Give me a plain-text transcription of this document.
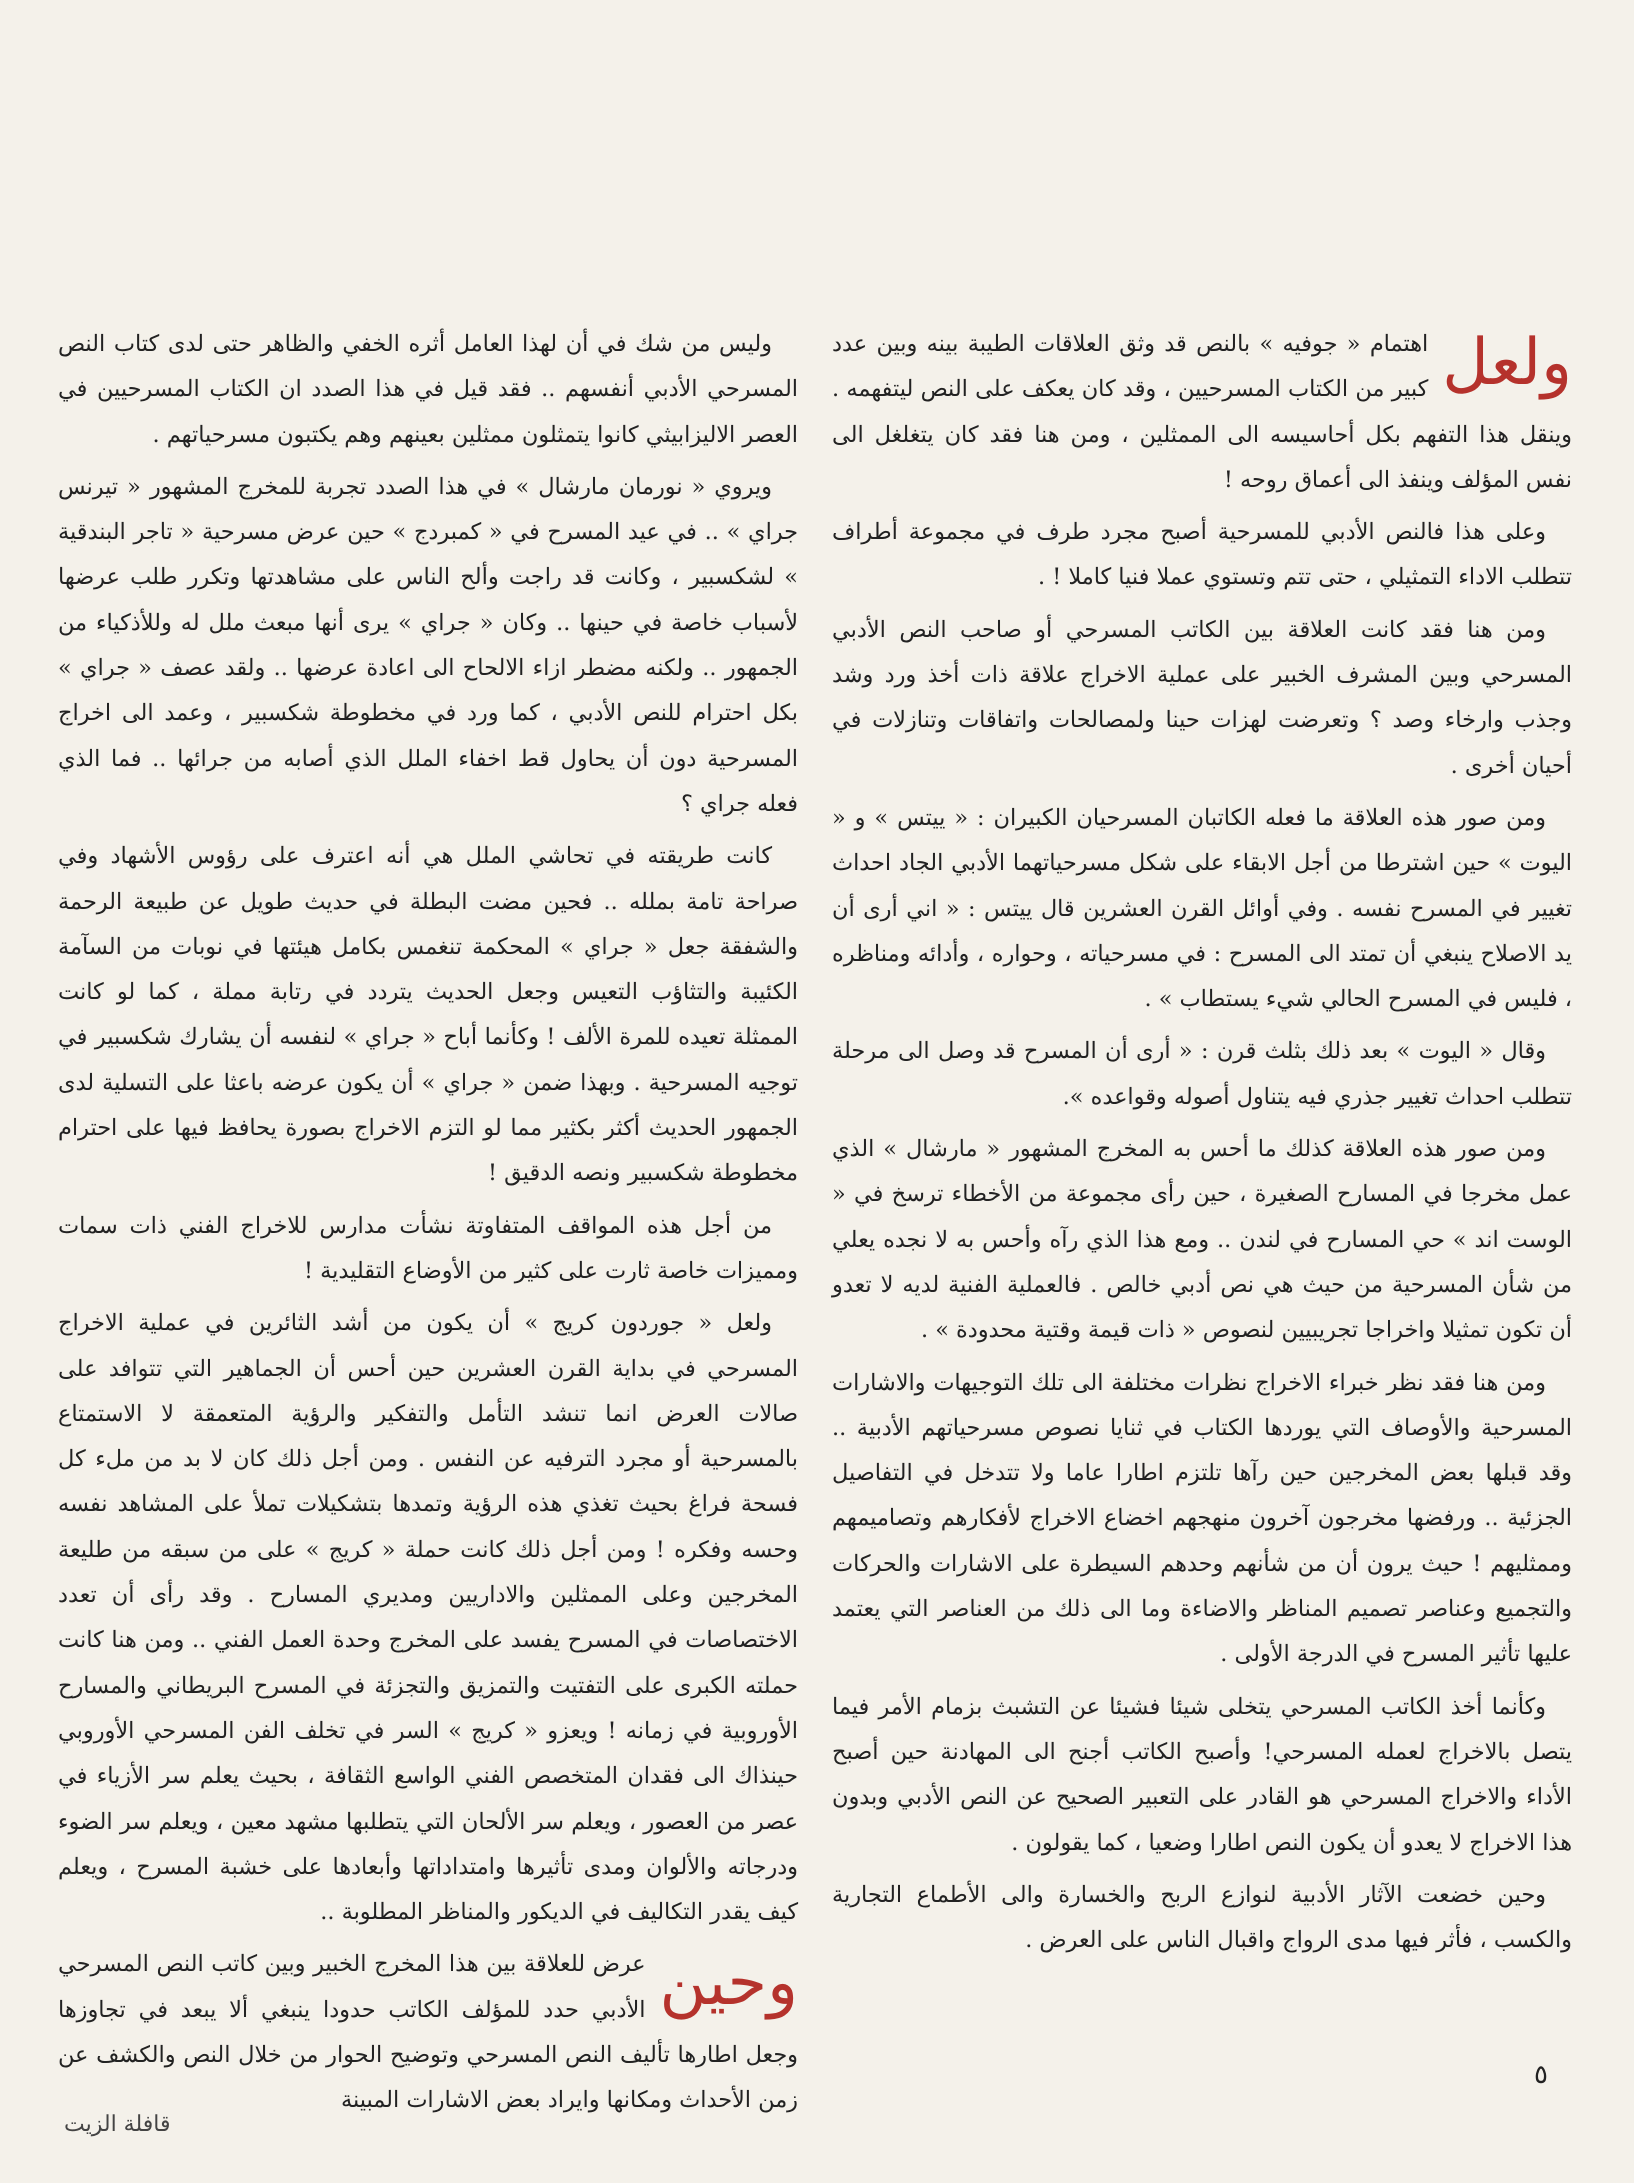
ولعل
اهتمام « جوفيه » بالنص قد وثق العلاقات الطيبة بينه وبين عدد كبير من الكتاب المسرحيين ، وقد كان يعكف على النص ليتفهمه . وينقل هذا التفهم بكل أحاسيسه الى الممثلين ، ومن هنا فقد كان يتغلغل الى نفس المؤلف وينفذ الى أعماق روحه !

وعلى هذا فالنص الأدبي للمسرحية أصبح مجرد طرف في مجموعة أطراف تتطلب الاداء التمثيلي ، حتى تتم وتستوي عملا فنيا كاملا ! .

ومن هنا فقد كانت العلاقة بين الكاتب المسرحي أو صاحب النص الأدبي المسرحي وبين المشرف الخبير على عملية الاخراج علاقة ذات أخذ ورد وشد وجذب وارخاء وصد ؟ وتعرضت لهزات حينا ولمصالحات واتفاقات وتنازلات في أحيان أخرى .

ومن صور هذه العلاقة ما فعله الكاتبان المسرحيان الكبيران : « ييتس » و « اليوت » حين اشترطا من أجل الابقاء على شكل مسرحياتهما الأدبي الجاد احداث تغيير في المسرح نفسه . وفي أوائل القرن العشرين قال ييتس : « اني أرى أن يد الاصلاح ينبغي أن تمتد الى المسرح : في مسرحياته ، وحواره ، وأدائه ومناظره ، فليس في المسرح الحالي شيء يستطاب » .

وقال « اليوت » بعد ذلك بثلث قرن : « أرى أن المسرح قد وصل الى مرحلة تتطلب احداث تغيير جذري فيه يتناول أصوله وقواعده ».

ومن صور هذه العلاقة كذلك ما أحس به المخرج المشهور « مارشال » الذي عمل مخرجا في المسارح الصغيرة ، حين رأى مجموعة من الأخطاء ترسخ في « الوست اند » حي المسارح في لندن .. ومع هذا الذي رآه وأحس به لا نجده يعلي من شأن المسرحية من حيث هي نص أدبي خالص . فالعملية الفنية لديه لا تعدو أن تكون تمثيلا واخراجا تجريبيين لنصوص « ذات قيمة وقتية محدودة » .

ومن هنا فقد نظر خبراء الاخراج نظرات مختلفة الى تلك التوجيهات والاشارات المسرحية والأوصاف التي يوردها الكتاب في ثنايا نصوص مسرحياتهم الأدبية .. وقد قبلها بعض المخرجين حين رآها تلتزم اطارا عاما ولا تتدخل في التفاصيل الجزئية .. ورفضها مخرجون آخرون منهجهم اخضاع الاخراج لأفكارهم وتصاميمهم وممثليهم ! حيث يرون أن من شأنهم وحدهم السيطرة على الاشارات والحركات والتجميع وعناصر تصميم المناظر والاضاءة وما الى ذلك من العناصر التي يعتمد عليها تأثير المسرح في الدرجة الأولى .

وكأنما أخذ الكاتب المسرحي يتخلى شيئا فشيئا عن التشبث بزمام الأمر فيما يتصل بالاخراج لعمله المسرحي! وأصبح الكاتب أجنح الى المهادنة حين أصبح الأداء والاخراج المسرحي هو القادر على التعبير الصحيح عن النص الأدبي وبدون هذا الاخراج لا يعدو أن يكون النص اطارا وضعيا ، كما يقولون .

وحين خضعت الآثار الأدبية لنوازع الربح والخسارة والى الأطماع التجارية والكسب ، فأثر فيها مدى الرواج واقبال الناس على العرض .

وليس من شك في أن لهذا العامل أثره الخفي والظاهر حتى لدى كتاب النص المسرحي الأدبي أنفسهم .. فقد قيل في هذا الصدد ان الكتاب المسرحيين في العصر الاليزابيثي كانوا يتمثلون ممثلين بعينهم وهم يكتبون مسرحياتهم .

ويروي « نورمان مارشال » في هذا الصدد تجربة للمخرج المشهور « تيرنس جراي » .. في عيد المسرح في « كمبردج » حين عرض مسرحية « تاجر البندقية » لشكسبير ، وكانت قد راجت وألح الناس على مشاهدتها وتكرر طلب عرضها لأسباب خاصة في حينها .. وكان « جراي » يرى أنها مبعث ملل له وللأذكياء من الجمهور .. ولكنه مضطر ازاء الالحاح الى اعادة عرضها .. ولقد عصف « جراي » بكل احترام للنص الأدبي ، كما ورد في مخطوطة شكسبير ، وعمد الى اخراج المسرحية دون أن يحاول قط اخفاء الملل الذي أصابه من جرائها .. فما الذي فعله جراي ؟

كانت طريقته في تحاشي الملل هي أنه اعترف على رؤوس الأشهاد وفي صراحة تامة بملله .. فحين مضت البطلة في حديث طويل عن طبيعة الرحمة والشفقة جعل « جراي » المحكمة تنغمس بكامل هيئتها في نوبات من السآمة الكئيبة والتثاؤب التعيس وجعل الحديث يتردد في رتابة مملة ، كما لو كانت الممثلة تعيده للمرة الألف ! وكأنما أباح « جراي » لنفسه أن يشارك شكسبير في توجيه المسرحية . وبهذا ضمن « جراي » أن يكون عرضه باعثا على التسلية لدى الجمهور الحديث أكثر بكثير مما لو التزم الاخراج بصورة يحافظ فيها على احترام مخطوطة شكسبير ونصه الدقيق !

من أجل هذه المواقف المتفاوتة نشأت مدارس للاخراج الفني ذات سمات ومميزات خاصة ثارت على كثير من الأوضاع التقليدية !

ولعل « جوردون كريج » أن يكون من أشد الثائرين في عملية الاخراج المسرحي في بداية القرن العشرين حين أحس أن الجماهير التي تتوافد على صالات العرض انما تنشد التأمل والتفكير والرؤية المتعمقة لا الاستمتاع بالمسرحية أو مجرد الترفيه عن النفس . ومن أجل ذلك كان لا بد من ملء كل فسحة فراغ بحيث تغذي هذه الرؤية وتمدها بتشكيلات تملأ على المشاهد نفسه وحسه وفكره ! ومن أجل ذلك كانت حملة « كريج » على من سبقه من طليعة المخرجين وعلى الممثلين والاداريين ومديري المسارح . وقد رأى أن تعدد الاختصاصات في المسرح يفسد على المخرج وحدة العمل الفني .. ومن هنا كانت حملته الكبرى على التفتيت والتمزيق والتجزئة في المسرح البريطاني والمسارح الأوروبية في زمانه ! ويعزو « كريج » السر في تخلف الفن المسرحي الأوروبي حينذاك الى فقدان المتخصص الفني الواسع الثقافة ، بحيث يعلم سر الأزياء في عصر من العصور ، ويعلم سر الألحان التي يتطلبها مشهد معين ، ويعلم سر الضوء ودرجاته والألوان ومدى تأثيرها وامتداداتها وأبعادها على خشبة المسرح ، ويعلم كيف يقدر التكاليف في الديكور والمناظر المطلوبة ..

وحين
عرض للعلاقة بين هذا المخرج الخبير وبين كاتب النص المسرحي الأدبي حدد للمؤلف الكاتب حدودا ينبغي ألا يبعد في تجاوزها وجعل اطارها تأليف النص المسرحي وتوضيح الحوار من خلال النص والكشف عن زمن الأحداث ومكانها وايراد بعض الاشارات المبينة

٥
قافلة الزيت
